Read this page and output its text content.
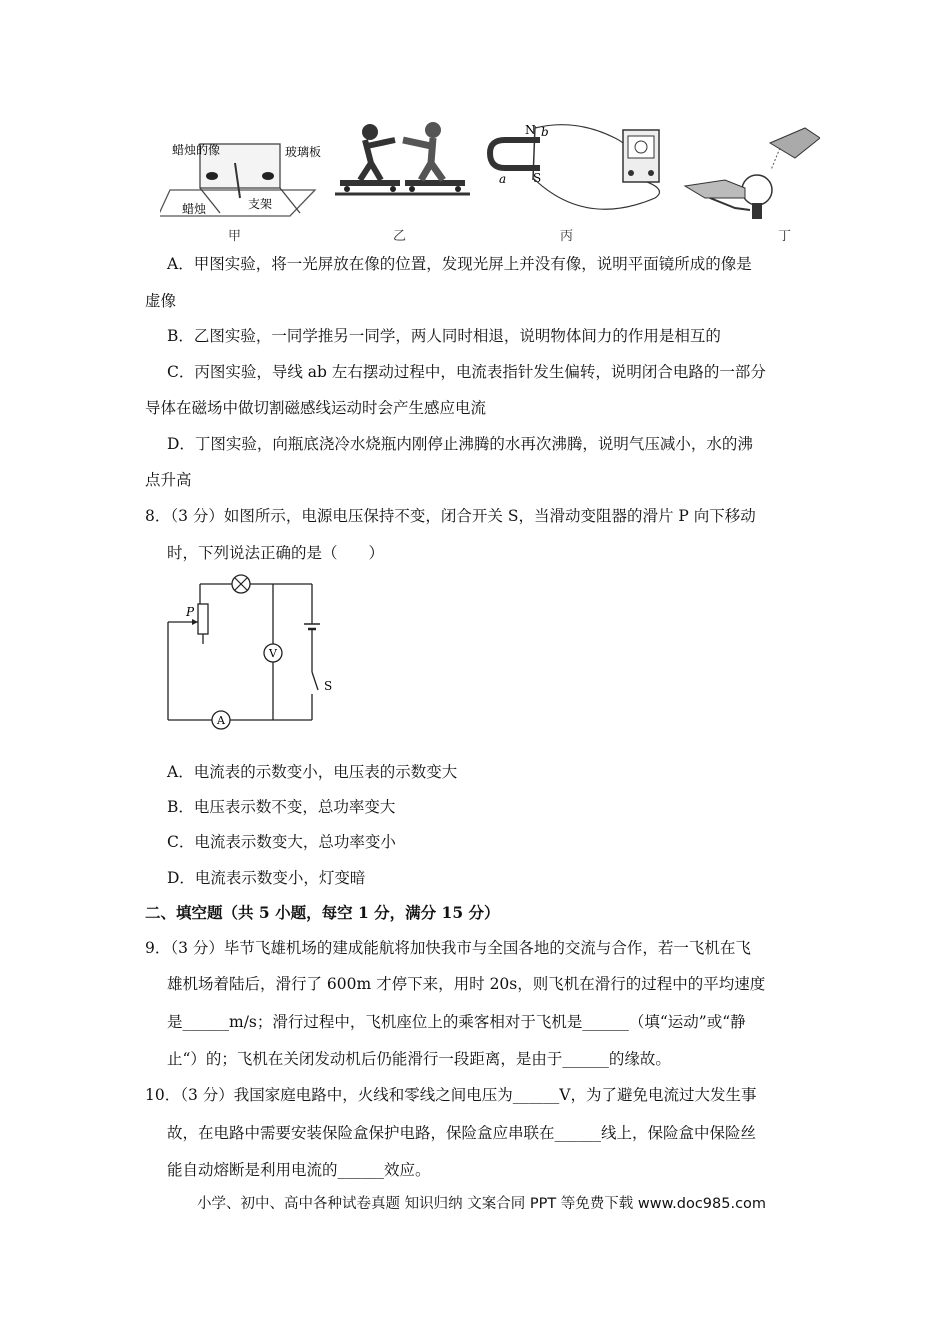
蜡烛的像	玻璃板
蜡烛	支架
甲	乙
N b
a S
丙	丁
A．甲图实验，将一光屏放在像的位置，发现光屏上并没有像，说明平面镜所成的像是
虚像
B．乙图实验，一同学推另一同学，两人同时相退，说明物体间力的作用是相互的
C．丙图实验，导线 ab 左右摆动过程中，电流表指针发生偏转，说明闭合电路的一部分
导体在磁场中做切割磁感线运动时会产生感应电流
D．丁图实验，向瓶底浇冷水烧瓶内刚停止沸腾的水再次沸腾，说明气压减小，水的沸
点升高
8．（3 分）如图所示，电源电压保持不变，闭合开关 S，当滑动变阻器的滑片 P 向下移动
时，下列说法正确的是（　　）
P
A
V
S
A．电流表的示数变小，电压表的示数变大
B．电压表示数不变，总功率变大
C．电流表示数变大，总功率变小
D．电流表示数变小，灯变暗
二、填空题（共 5 小题，每空 1 分，满分 15 分）
9．（3 分）毕节飞雄机场的建成能航将加快我市与全国各地的交流与合作，若一飞机在飞
雄机场着陆后，滑行了 600m 才停下来，用时 20s，则飞机在滑行的过程中的平均速度
是______m/s；滑行过程中，飞机座位上的乘客相对于飞机是______（填“运动”或“静
止“）的；飞机在关闭发动机后仍能滑行一段距离，是由于______的缘故。
10．（3 分）我国家庭电路中，火线和零线之间电压为______V，为了避免电流过大发生事
故，在电路中需要安装保险盒保护电路，保险盒应串联在______线上，保险盒中保险丝
能自动熔断是利用电流的______效应。
小学、初中、高中各种试卷真题 知识归纳 文案合同 PPT 等免费下载 www.doc985.com
